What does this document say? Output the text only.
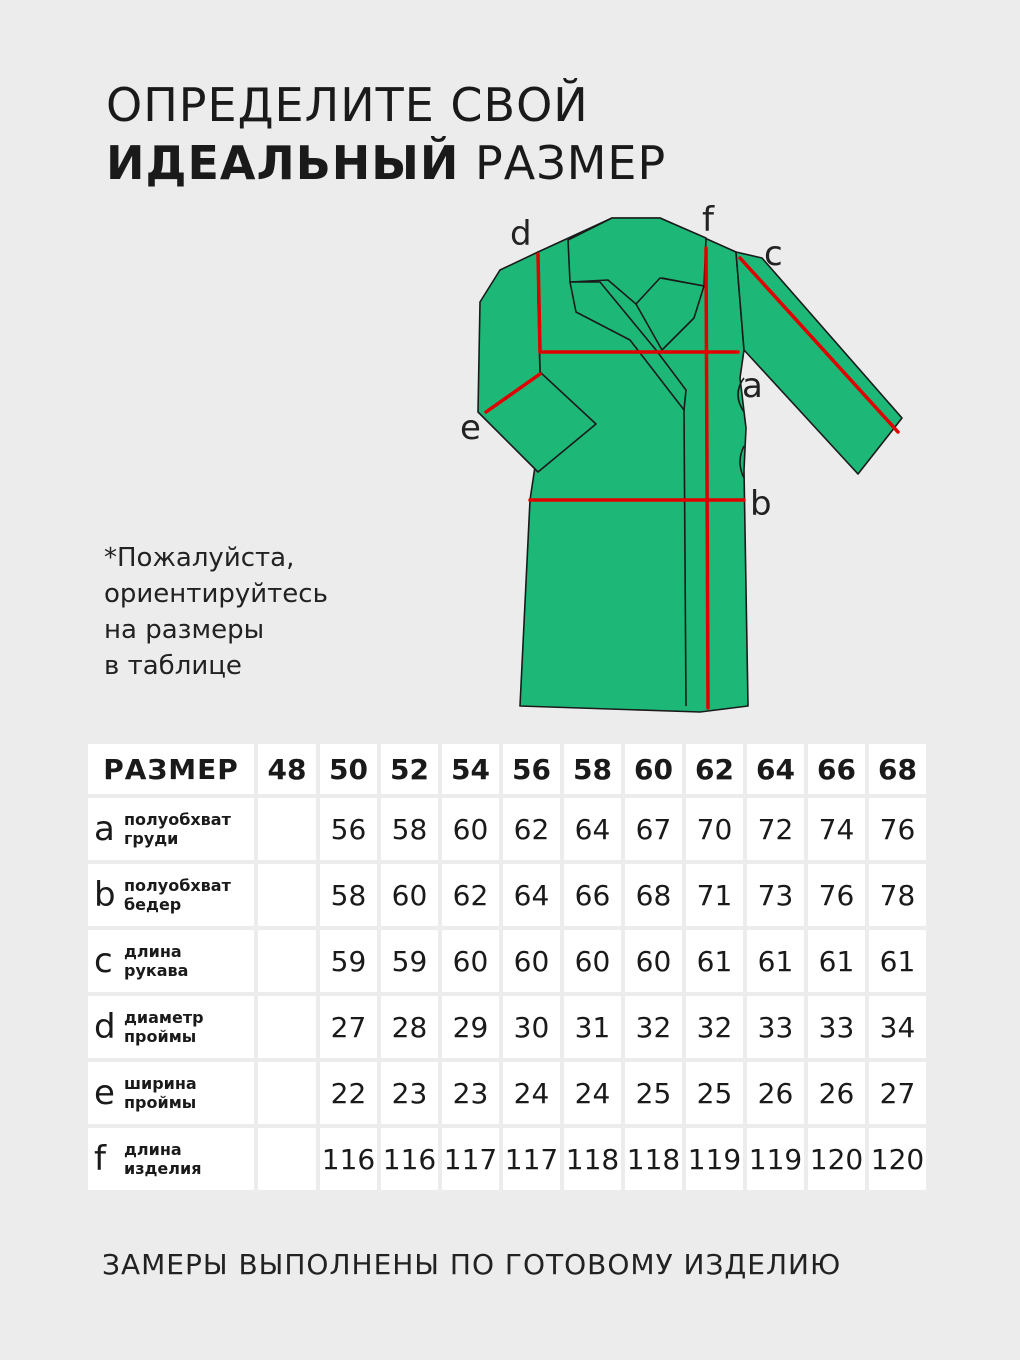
ОПРЕДЕЛИТЕ СВОЙ
ИДЕАЛЬНЫЙ РАЗМЕР
a
b
c
d
e
f
*Пожалуйста,
ориентируйтесь
на размеры
в таблице
РАЗМЕР	48	50	52	54	56	58	60	62	64	66	68

a полуобхват
груди		56	58	60	62	64	67	70	72	74	76

b полуобхват
бедер		58	60	62	64	66	68	71	73	76	78

c длина
рукава		59	59	60	60	60	60	61	61	61	61

d диаметр
проймы		27	28	29	30	31	32	32	33	33	34

e ширина
проймы		22	23	23	24	24	25	25	26	26	27

f длина
изделия		116	116	117	117	118	118	119	119	120	120
ЗАМЕРЫ ВЫПОЛНЕНЫ ПО ГОТОВОМУ ИЗДЕЛИЮ
